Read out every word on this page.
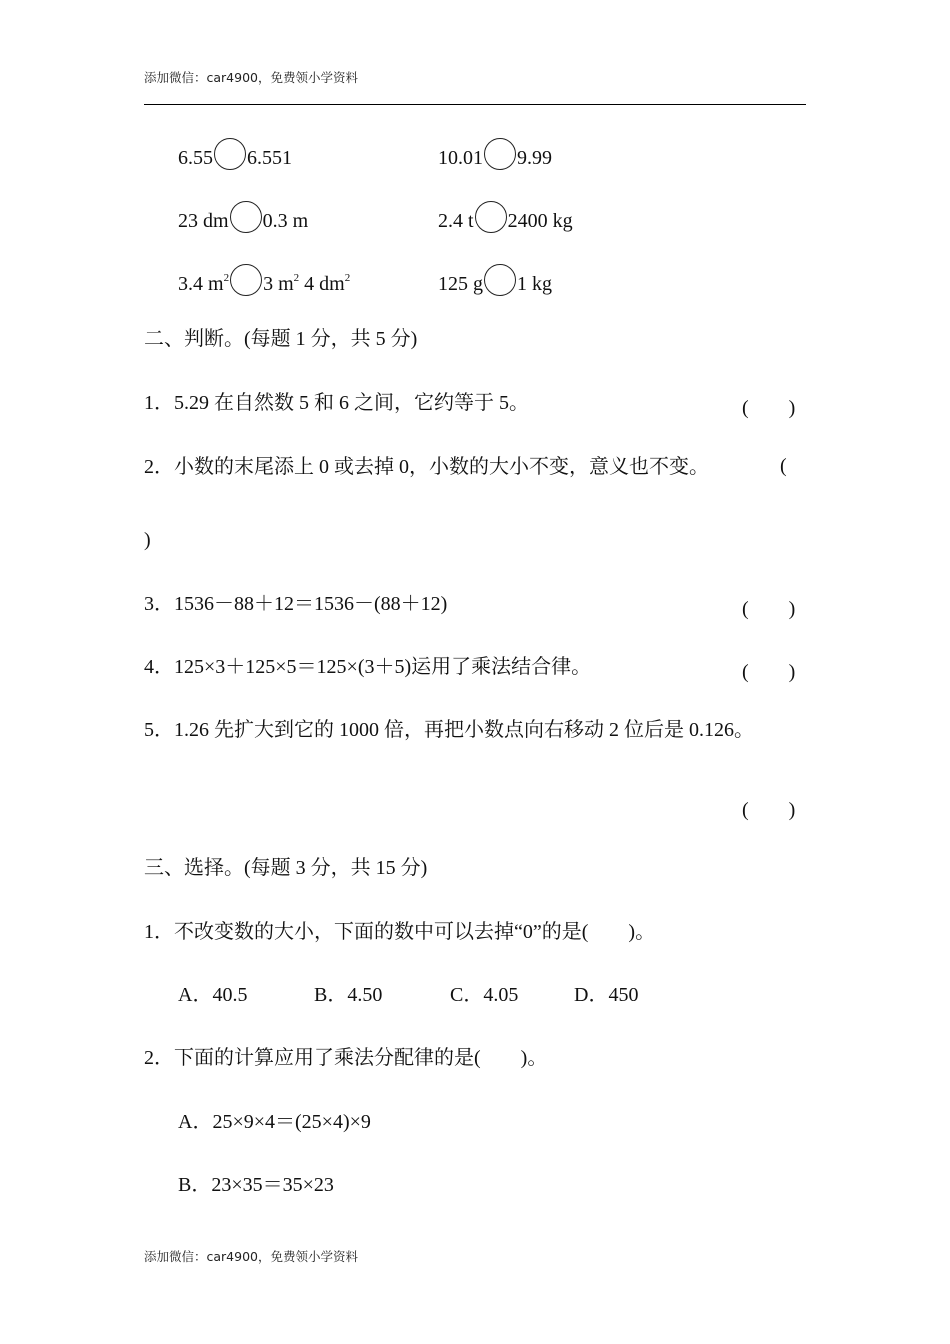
添加微信：car4900，免费领小学资料
6.55 6.551	10.01 9.99
23 dm 0.3 m	2.4 t 2400 kg
3.4 $m^2$ 3 $m^2$ 4 $dm^2$	125 g 1 kg
二、判断。(每题 1 分，共 5 分)
1．5.29 在自然数 5 和 6 之间，它约等于 5。	(　　)
2．小数的末尾添上 0 或去掉 0，小数的大小不变，意义也不变。	(
)
3．1536－88＋12＝1536－(88＋12)	(　　)
4．125×3＋125×5＝125×(3＋5)运用了乘法结合律。	(　　)
5．1.26 先扩大到它的 1000 倍，再把小数点向右移动 2 位后是 0.126。
(　　)
三、选择。(每题 3 分，共 15 分)
1．不改变数的大小，下面的数中可以去掉“0”的是(　　)。
A．40.5	B．4.50	C．4.05	D．450
2．下面的计算应用了乘法分配律的是(　　)。
A．25×9×4＝(25×4)×9
B．23×35＝35×23
添加微信：car4900，免费领小学资料
